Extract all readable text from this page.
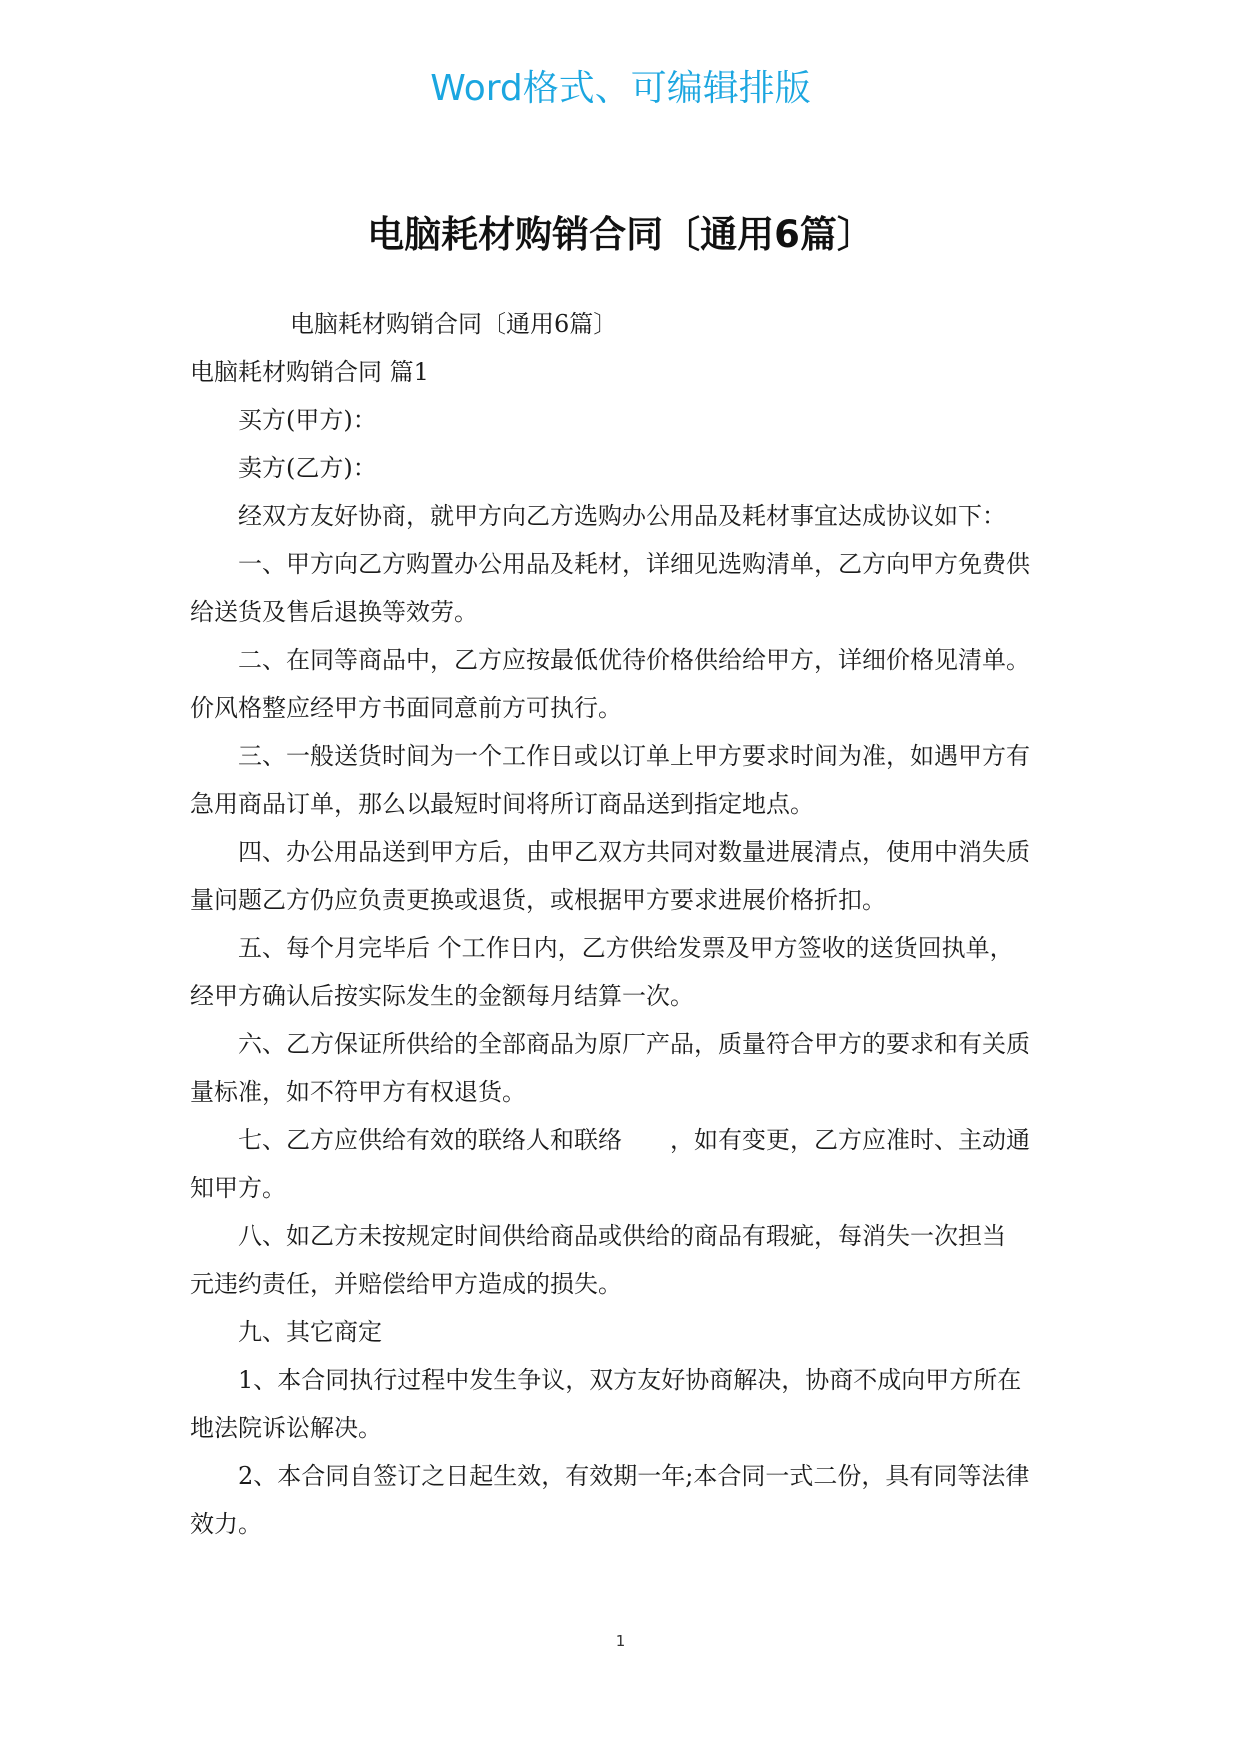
Word格式、可编辑排版
电脑耗材购销合同〔通用6篇〕

电脑耗材购销合同〔通用6篇〕

电脑耗材购销合同 篇1

买方(甲方)：

卖方(乙方)：

经双方友好协商，就甲方向乙方选购办公用品及耗材事宜达成协议如下：

一、甲方向乙方购置办公用品及耗材，详细见选购清单，乙方向甲方免费供

给送货及售后退换等效劳。

二、在同等商品中，乙方应按最低优待价格供给给甲方，详细价格见清单。

价风格整应经甲方书面同意前方可执行。

三、一般送货时间为一个工作日或以订单上甲方要求时间为准，如遇甲方有

急用商品订单，那么以最短时间将所订商品送到指定地点。

四、办公用品送到甲方后，由甲乙双方共同对数量进展清点，使用中消失质

量问题乙方仍应负责更换或退货，或根据甲方要求进展价格折扣。

五、每个月完毕后 个工作日内，乙方供给发票及甲方签收的送货回执单，

经甲方确认后按实际发生的金额每月结算一次。

六、乙方保证所供给的全部商品为原厂产品，质量符合甲方的要求和有关质

量标准，如不符甲方有权退货。

七、乙方应供给有效的联络人和联络　　，如有变更，乙方应准时、主动通

知甲方。

八、如乙方未按规定时间供给商品或供给的商品有瑕疵，每消失一次担当

元违约责任，并赔偿给甲方造成的损失。

九、其它商定

1、本合同执行过程中发生争议，双方友好协商解决，协商不成向甲方所在

地法院诉讼解决。

2、本合同自签订之日起生效，有效期一年;本合同一式二份，具有同等法律

效力。

1
